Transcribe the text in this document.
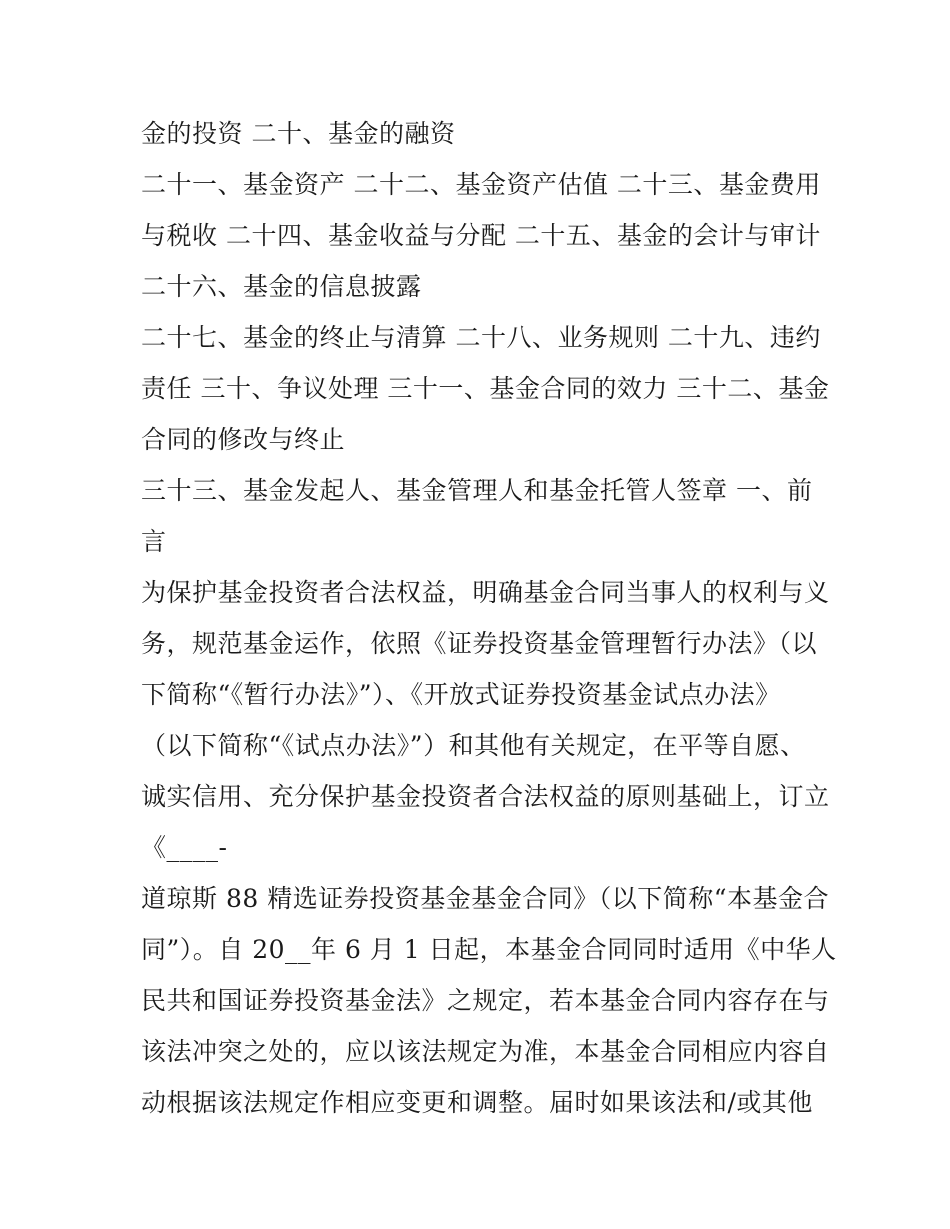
金的投资 二十、基金的融资
二十一、基金资产 二十二、基金资产估值 二十三、基金费用
与税收 二十四、基金收益与分配 二十五、基金的会计与审计
二十六、基金的信息披露
二十七、基金的终止与清算 二十八、业务规则 二十九、违约
责任 三十、争议处理 三十一、基金合同的效力 三十二、基金
合同的修改与终止
三十三、基金发起人、基金管理人和基金托管人签章 一、前
言
为保护基金投资者合法权益，明确基金合同当事人的权利与义
务，规范基金运作，依照《证券投资基金管理暂行办法》（以
下简称“《暂行办法》”）、《开放式证券投资基金试点办法》
（以下简称“《试点办法》”）和其他有关规定，在平等自愿、
诚实信用、充分保护基金投资者合法权益的原则基础上，订立
《____-
道琼斯 88 精选证券投资基金基金合同》（以下简称“本基金合
同”）。自 20__年 6 月 1 日起，本基金合同同时适用《中华人
民共和国证券投资基金法》之规定，若本基金合同内容存在与
该法冲突之处的，应以该法规定为准，本基金合同相应内容自
动根据该法规定作相应变更和调整。届时如果该法和/或其他
